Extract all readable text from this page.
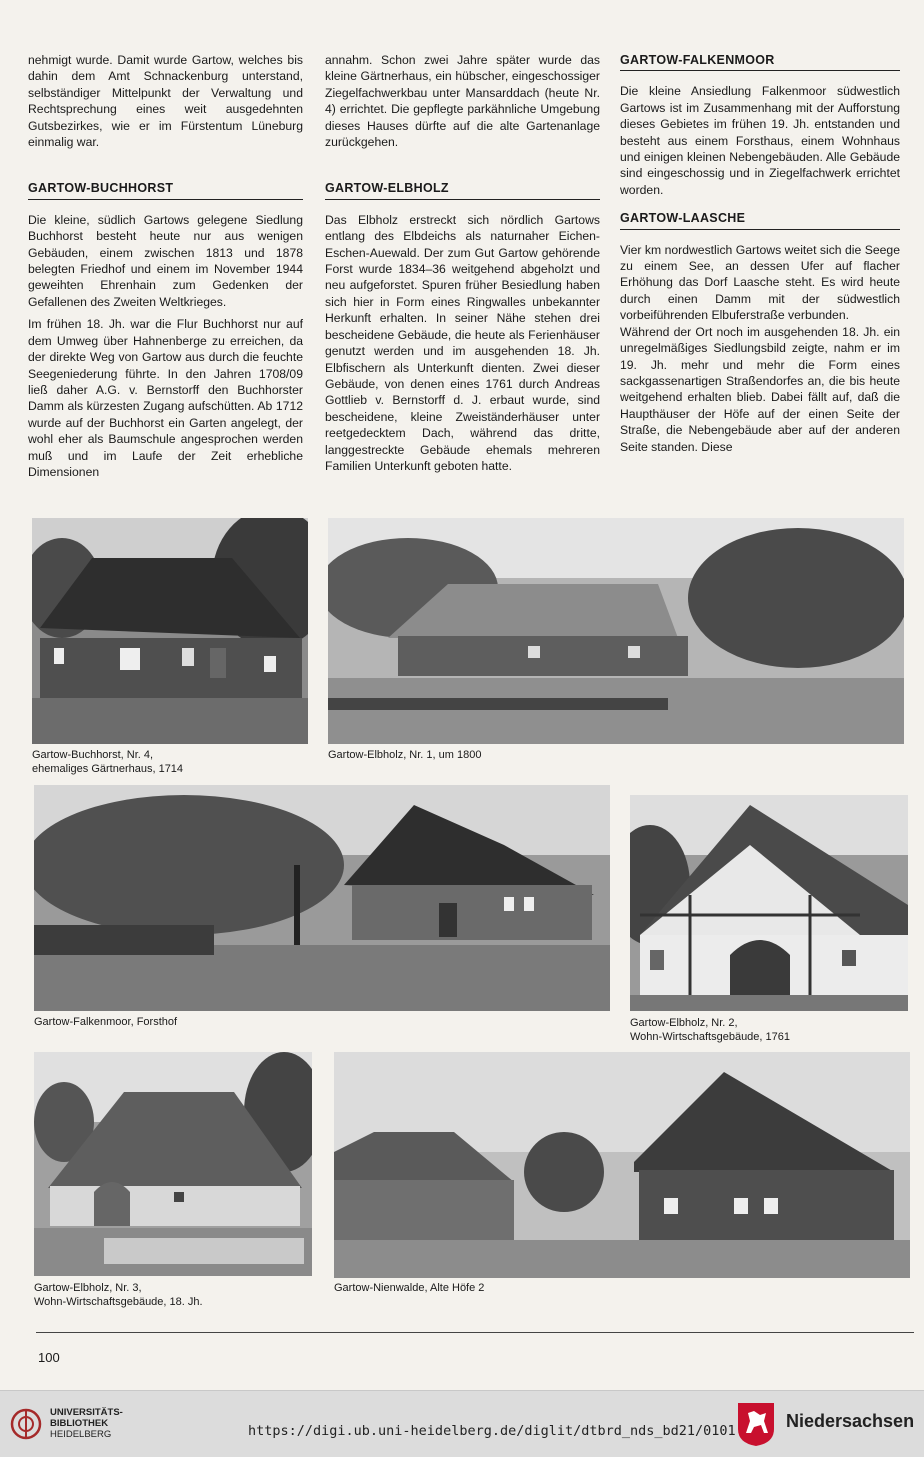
nehmigt wurde. Damit wurde Gartow, welches bis dahin dem Amt Schnackenburg unterstand, selbständiger Mittelpunkt der Verwaltung und Rechtsprechung eines weit ausgedehnten Gutsbezirkes, wie er im Fürstentum Lüneburg einmalig war.

GARTOW-BUCHHORST

Die kleine, südlich Gartows gelegene Siedlung Buchhorst besteht heute nur aus wenigen Gebäuden, einem zwischen 1813 und 1878 belegten Friedhof und einem im November 1944 geweihten Ehrenhain zum Gedenken der Gefallenen des Zweiten Weltkrieges.

Im frühen 18. Jh. war die Flur Buchhorst nur auf dem Umweg über Hahnenberge zu erreichen, da der direkte Weg von Gartow aus durch die feuchte Seegeniederung führte. In den Jahren 1708/09 ließ daher A.G. v. Bernstorff den Buchhorster Damm als kürzesten Zugang aufschütten. Ab 1712 wurde auf der Buchhorst ein Garten angelegt, der wohl eher als Baumschule angesprochen werden muß und im Laufe der Zeit erhebliche Dimensionen

annahm. Schon zwei Jahre später wurde das kleine Gärtnerhaus, ein hübscher, eingeschossiger Ziegelfachwerkbau unter Mansarddach (heute Nr. 4) errichtet. Die gepflegte parkähnliche Umgebung dieses Hauses dürfte auf die alte Gartenanlage zurückgehen.

GARTOW-ELBHOLZ

Das Elbholz erstreckt sich nördlich Gartows entlang des Elbdeichs als naturnaher Eichen-Eschen-Auewald. Der zum Gut Gartow gehörende Forst wurde 1834–36 weitgehend abgeholzt und neu aufgeforstet. Spuren früher Besiedlung haben sich hier in Form eines Ringwalles unbekannter Herkunft erhalten. In seiner Nähe stehen drei bescheidene Gebäude, die heute als Ferienhäuser genutzt werden und im ausgehenden 18. Jh. Elbfischern als Unterkunft dienten. Zwei dieser Gebäude, von denen eines 1761 durch Andreas Gottlieb v. Bernstorff d. J. erbaut wurde, sind bescheidene, kleine Zweiständerhäuser unter reetgedecktem Dach, während das dritte, langgestreckte Gebäude ehemals mehreren Familien Unterkunft geboten hatte.

GARTOW-FALKENMOOR

Die kleine Ansiedlung Falkenmoor südwestlich Gartows ist im Zusammenhang mit der Aufforstung dieses Gebietes im frühen 19. Jh. entstanden und besteht aus einem Forsthaus, einem Wohnhaus und einigen kleinen Nebengebäuden. Alle Gebäude sind eingeschossig und in Ziegelfachwerk errichtet worden.

GARTOW-LAASCHE

Vier km nordwestlich Gartows weitet sich die Seege zu einem See, an dessen Ufer auf flacher Erhöhung das Dorf Laasche steht. Es wird heute durch einen Damm mit der südwestlich vorbeiführenden Elbuferstraße verbunden.

Während der Ort noch im ausgehenden 18. Jh. ein unregelmäßiges Siedlungsbild zeigte, nahm er im 19. Jh. mehr und mehr die Form eines sackgassenartigen Straßendorfes an, die bis heute weitgehend erhalten blieb. Dabei fällt auf, daß die Haupthäuser der Höfe auf der einen Seite der Straße, die Nebengebäude aber auf der anderen Seite standen. Diese

Gartow-Buchhorst, Nr. 4,
ehemaliges Gärtnerhaus, 1714
Gartow-Elbholz, Nr. 1, um 1800
Gartow-Falkenmoor, Forsthof	Gartow-Elbholz, Nr. 2,
Wohn-Wirtschaftsgebäude, 1761
Gartow-Elbholz, Nr. 3,
Wohn-Wirtschaftsgebäude, 18. Jh.
Gartow-Nienwalde, Alte Höfe 2
100
UNIVERSITÄTS-
BIBLIOTHEK
HEIDELBERG	https://digi.ub.uni-heidelberg.de/diglit/dtbrd_nds_bd21/0101	Niedersachsen
